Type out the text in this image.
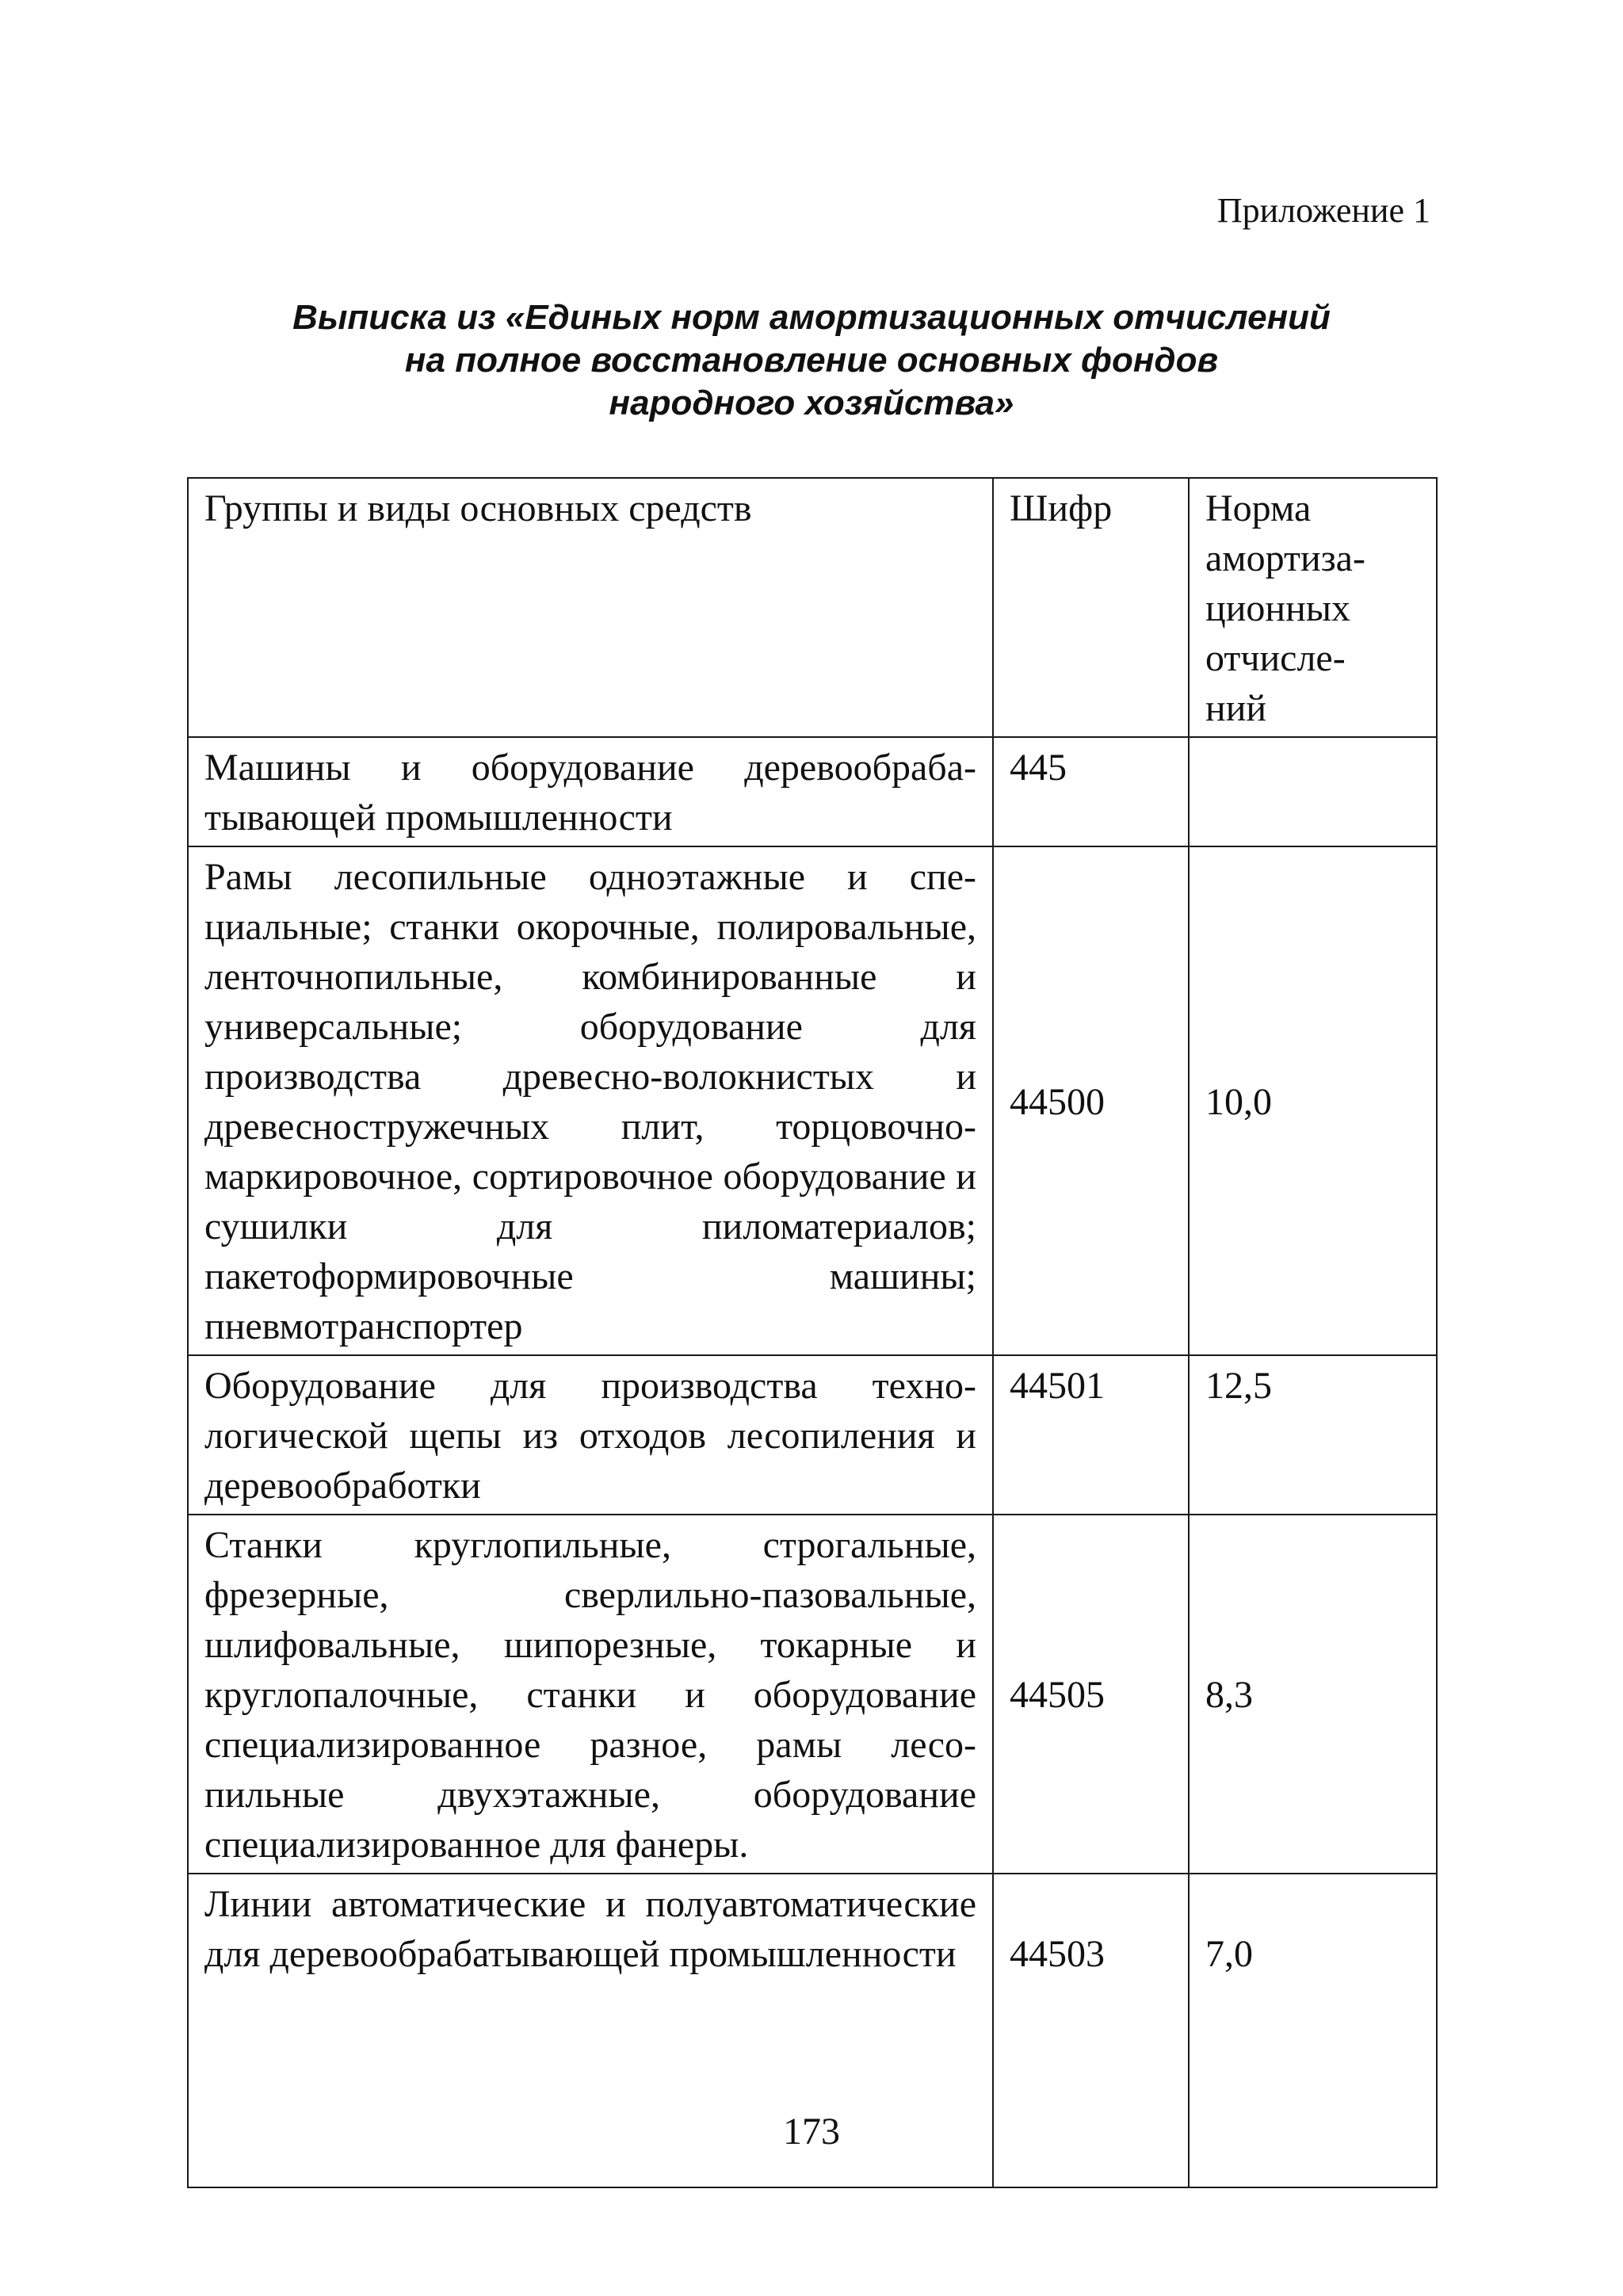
Приложение 1
Выписка из «Единых норм амортизационных отчислений
на полное восстановление основных фондов
народного хозяйства»
Группы и виды основных средств	Шифр	Норма
амортиза-
ционных
отчисле-
ний

Машины и оборудование деревообрабатывающей промышленности	445	
Рамы лесопильные одноэтажные и специальные; станки окорочные, полировальные, ленточнопильные, комбинированные и универсальные; оборудование для производства древесно-волокнистых и древесностружечных плит, торцовочно-маркировочное, сортировочное оборудование и сушилки для пиломатериалов; пакетоформировочные машины; пневмотранспортер	44500	10,0
Оборудование для производства технологической щепы из отходов лесопиления и деревообработки	44501	12,5
Станки круглопильные, строгальные, фрезерные, сверлильно-пазовальные, шлифовальные, шипорезные, токарные и круглопалочные, станки и оборудование специализированное разное, рамы лесопильные двухэтажные, оборудование специализированное для фанеры.	44505	8,3
Линии автоматические и полуавтоматические для деревообрабатывающей промышленности	44503	7,0
173
